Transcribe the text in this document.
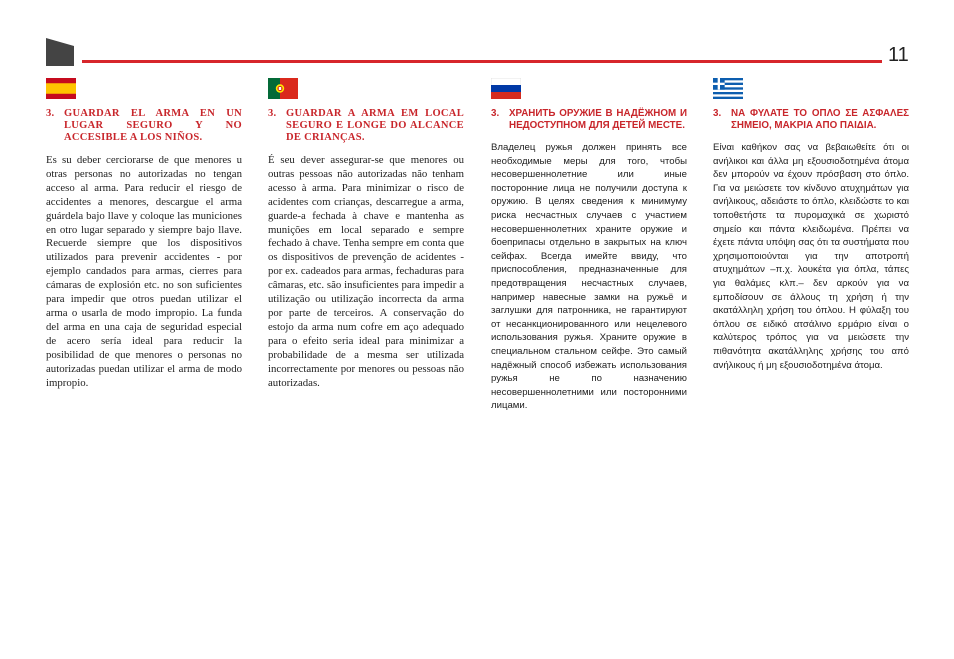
11
3. GUARDAR EL ARMA EN UN LUGAR SEGURO Y NO ACCESIBLE A LOS NIÑOS.
Es su deber cerciorarse de que menores u otras personas no autorizadas no tengan acceso al arma. Para reducir el riesgo de accidentes a menores, descargue el arma guárdela bajo llave y coloque las municiones en otro lugar separado y siempre bajo llave. Recuerde siempre que los dispositivos utilizados para prevenir accidentes - por ejemplo candados para armas, cierres para cámaras de explosión etc. no son suficientes para impedir que otros puedan utilizar el arma o usarla de modo impropio. La funda del arma en una caja de seguridad especial de acero sería ideal para reducir la posibilidad de que menores o personas no autorizadas puedan utilizar el arma de modo impropio.
3. GUARDAR A ARMA EM LOCAL SEGURO E LONGE DO ALCANCE DE CRIANÇAS.
É seu dever assegurar-se que menores ou outras pessoas não autorizadas não tenham acesso à arma. Para minimizar o risco de acidentes com crianças, descarregue a arma, guarde-a fechada à chave e mantenha as munições em local separado e sempre fechado à chave. Tenha sempre em conta que os dispositivos de prevenção de acidentes - por ex. cadeados para armas, fechaduras para câmaras, etc. são insuficientes para impedir a utilização ou utilização incorrecta da arma por parte de terceiros. A conservação do estojo da arma num cofre em aço adequado para o efeito seria ideal para minimizar a probabilidade de a mesma ser utilizada incorrectamente por menores ou pessoas não autorizadas.
3.	ХРАНИТЬ ОРУЖИЕ В НАДЁЖНОМ И НЕДОСТУПНОМ ДЛЯ ДЕТЕЙ МЕСТЕ.
Владелец ружья должен принять все необходимые меры для того, чтобы несовершеннолетние или иные посторонние лица не получили доступа к оружию. В целях сведения к минимуму риска несчастных случаев с участием несовершеннолетних храните оружие и боеприпасы отдельно в закрытых на ключ сейфах. Всегда имейте ввиду, что приспособления, предназначенные для предотвращения несчастных случаев, например навесные замки на ружьё и заглушки для патронника, не гарантируют от несанкционированного или нецелевого использования ружья. Храните оружие в специальном стальном сейфе. Это самый надёжный способ избежать использования ружья не по назначению несовершеннолетними или посторонними лицами.
3.	ΝΑ ΦΥΛΑΤΕ ΤΟ ΟΠΛΟ ΣΕ ΑΣΦΑΛΕΣ ΣΗΜΕΙΟ, ΜΑΚΡΙΑ ΑΠΟ ΠΑΙΔΙΑ.
Είναι καθήκον σας να βεβαιωθείτε ότι οι ανήλικοι και άλλα μη εξουσιοδοτημένα άτομα δεν μπορούν να έχουν πρόσβαση στο όπλο. Για να μειώσετε τον κίνδυνο ατυχημάτων για ανήλικους, αδειάστε το όπλο, κλειδώστε το και τοποθετήστε τα πυρομαχικά σε χωριστό σημείο και πάντα κλειδωμένα. Πρέπει να έχετε πάντα υπόψη σας ότι τα συστήματα που χρησιμοποιούνται για την αποτροπή ατυχημάτων –π.χ. λουκέτα για όπλα, τάπες για θαλάμες κλπ.– δεν αρκούν για να εμποδίσουν σε άλλους τη χρήση ή την ακατάλληλη χρήση του όπλου. Η φύλαξη του όπλου σε ειδικό ατσάλινο ερμάριο είναι ο καλύτερος τρόπος για να μειώσετε την πιθανότητα ακατάλληλης χρήσης του από ανήλικους ή μη εξουσιοδοτημένα άτομα.
